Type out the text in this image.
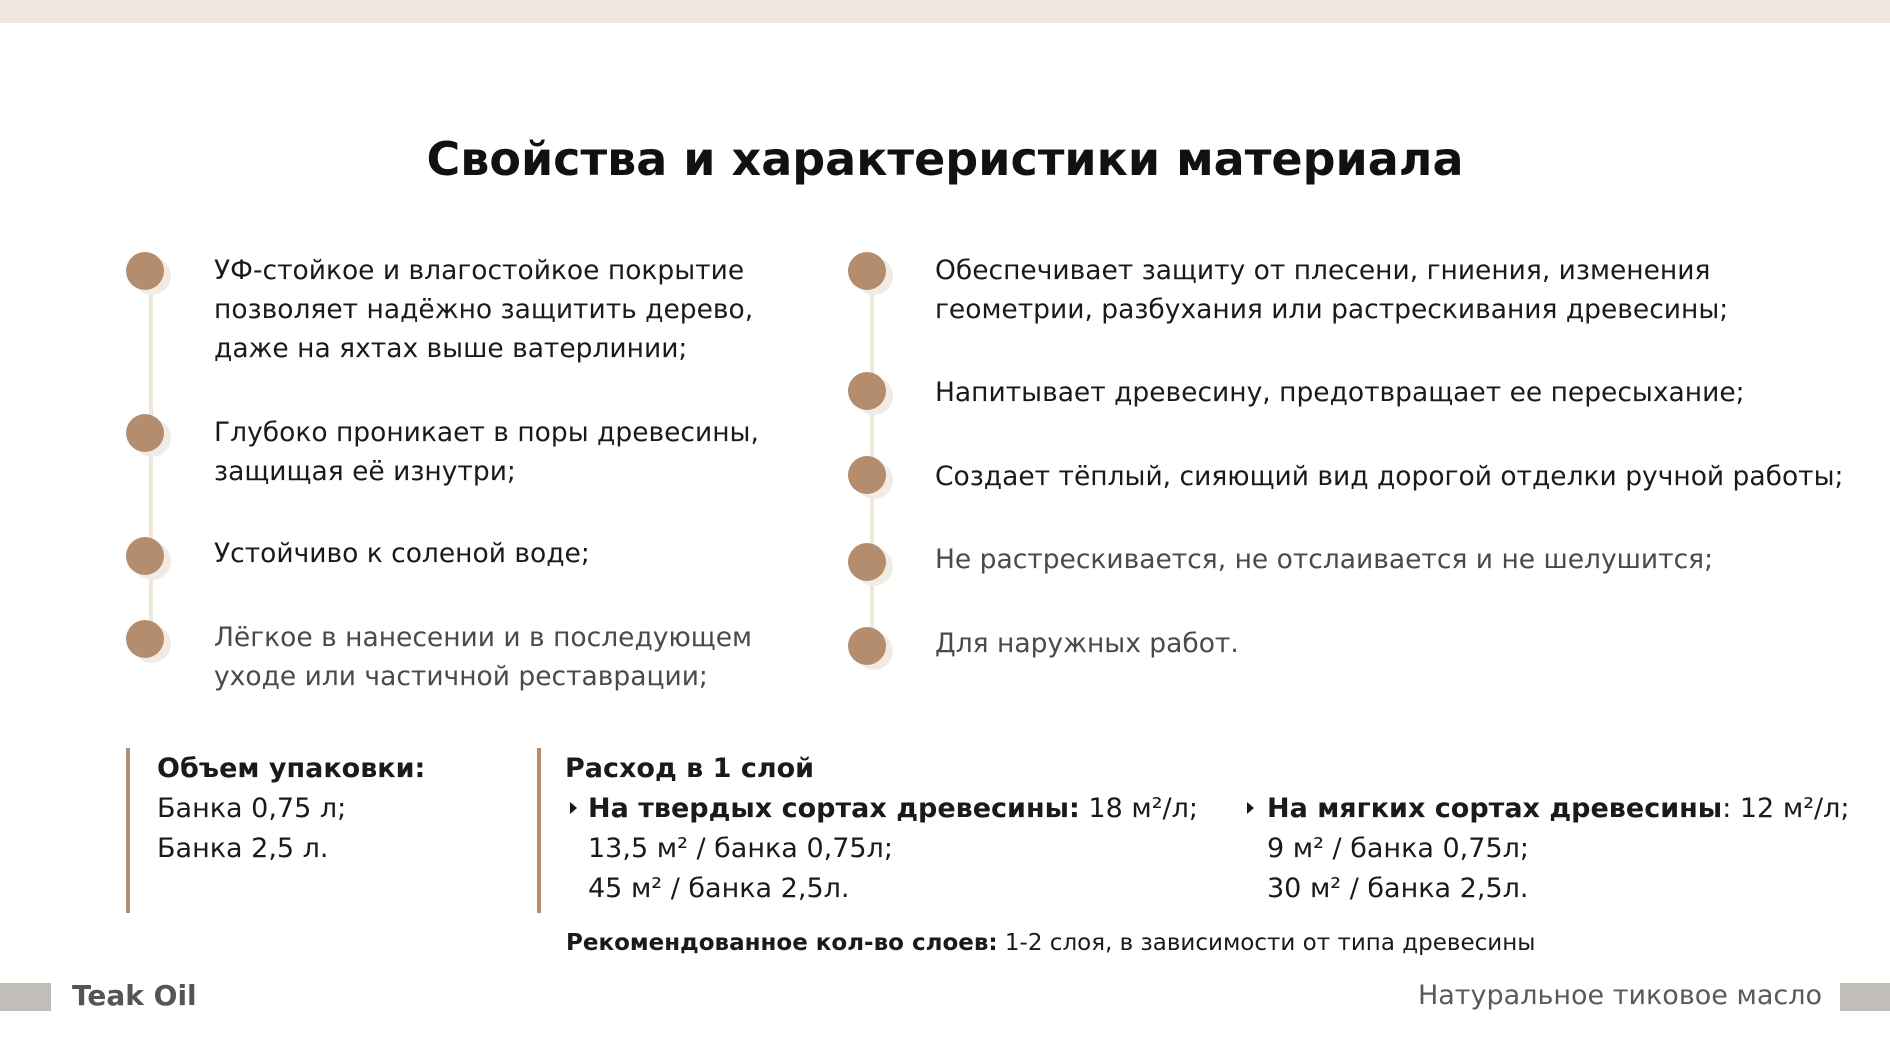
Свойства и характеристики материала
УФ-стойкое и влагостойкое покрытие
позволяет надёжно защитить дерево,
даже на яхтах выше ватерлинии;
Глубоко проникает в поры древесины,
защищая её изнутри;
Устойчиво к соленой воде;
Лёгкое в нанесении и в последующем
уходе или частичной реставрации;
Обеспечивает защиту от плесени, гниения, изменения
геометрии, разбухания или растрескивания древесины;
Напитывает древесину, предотвращает ее пересыхание;
Создает тёплый, сияющий вид дорогой отделки ручной работы;
Не растрескивается, не отслаивается и не шелушится;
Для наружных работ.
Объем упаковки:
Банка 0,75 л;
Банка 2,5 л.
Расход в 1 слой
На твердых сортах древесины: 18 м²/л;
13,5 м² / банка 0,75л;
45 м² / банка 2,5л.
На мягких сортах древесины: 12 м²/л;
9 м² / банка 0,75л;
30 м² / банка 2,5л.
Рекомендованное кол-во слоев: 1-2 слоя, в зависимости от типа древесины
Teak Oil	Натуральное тиковое масло
